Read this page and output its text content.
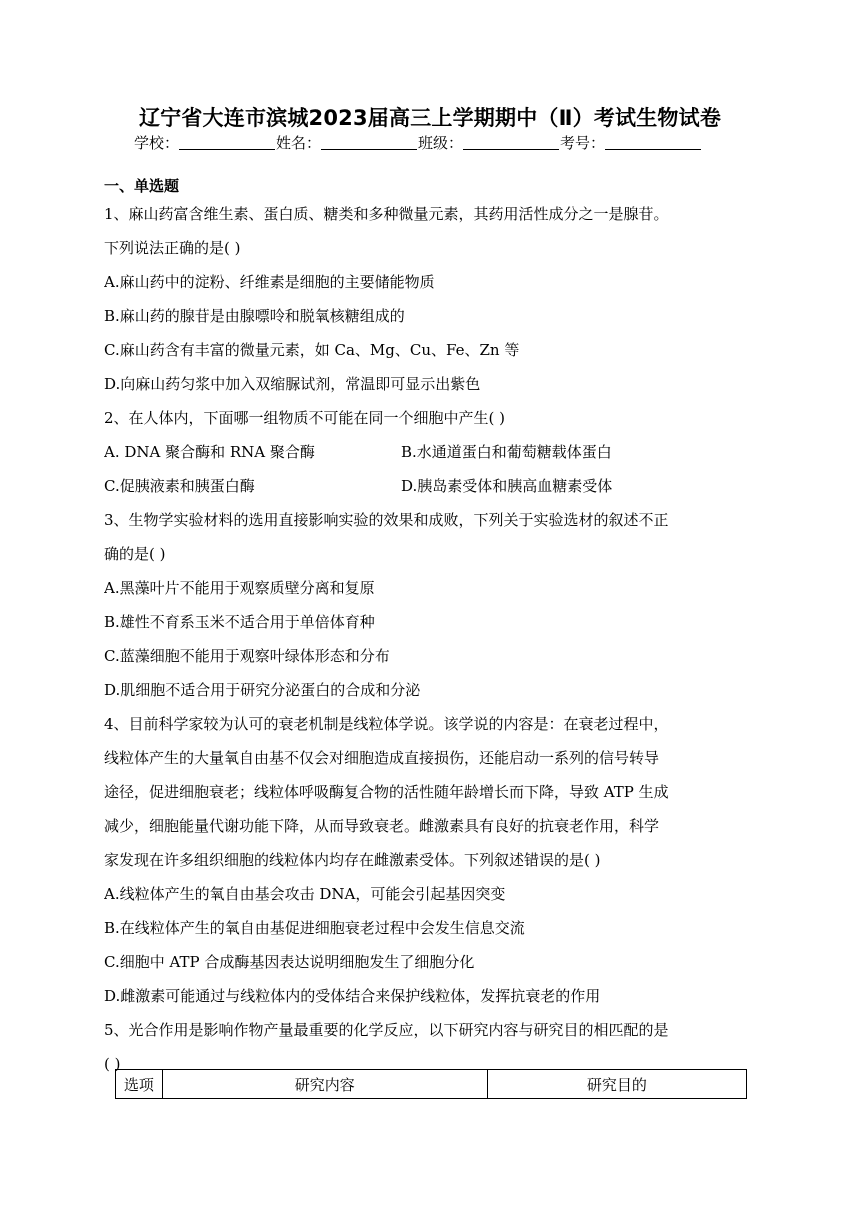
辽宁省大连市滨城2023届高三上学期期中（Ⅱ）考试生物试卷
学校：	姓名：	班级：	考号：
一、单选题
1、麻山药富含维生素、蛋白质、糖类和多种微量元素，其药用活性成分之一是腺苷。
下列说法正确的是( )
A.麻山药中的淀粉、纤维素是细胞的主要储能物质
B.麻山药的腺苷是由腺嘌呤和脱氧核糖组成的
C.麻山药含有丰富的微量元素，如 Ca、Mg、Cu、Fe、Zn 等
D.向麻山药匀浆中加入双缩脲试剂，常温即可显示出紫色
2、在人体内，下面哪一组物质不可能在同一个细胞中产生( )
A. DNA 聚合酶和 RNA 聚合酶	B.水通道蛋白和葡萄糖载体蛋白
C.促胰液素和胰蛋白酶	D.胰岛素受体和胰高血糖素受体
3、生物学实验材料的选用直接影响实验的效果和成败，下列关于实验选材的叙述不正
确的是( )
A.黑藻叶片不能用于观察质壁分离和复原
B.雄性不育系玉米不适合用于单倍体育种
C.蓝藻细胞不能用于观察叶绿体形态和分布
D.肌细胞不适合用于研究分泌蛋白的合成和分泌
4、目前科学家较为认可的衰老机制是线粒体学说。该学说的内容是：在衰老过程中，
线粒体产生的大量氧自由基不仅会对细胞造成直接损伤，还能启动一系列的信号转导
途径，促进细胞衰老；线粒体呼吸酶复合物的活性随年龄增长而下降，导致 ATP 生成
减少，细胞能量代谢功能下降，从而导致衰老。雌激素具有良好的抗衰老作用，科学
家发现在许多组织细胞的线粒体内均存在雌激素受体。下列叙述错误的是( )
A.线粒体产生的氧自由基会攻击 DNA，可能会引起基因突变
B.在线粒体产生的氧自由基促进细胞衰老过程中会发生信息交流
C.细胞中 ATP 合成酶基因表达说明细胞发生了细胞分化
D.雌激素可能通过与线粒体内的受体结合来保护线粒体，发挥抗衰老的作用
5、光合作用是影响作物产量最重要的化学反应，以下研究内容与研究目的相匹配的是
( )
选项	研究内容	研究目的
